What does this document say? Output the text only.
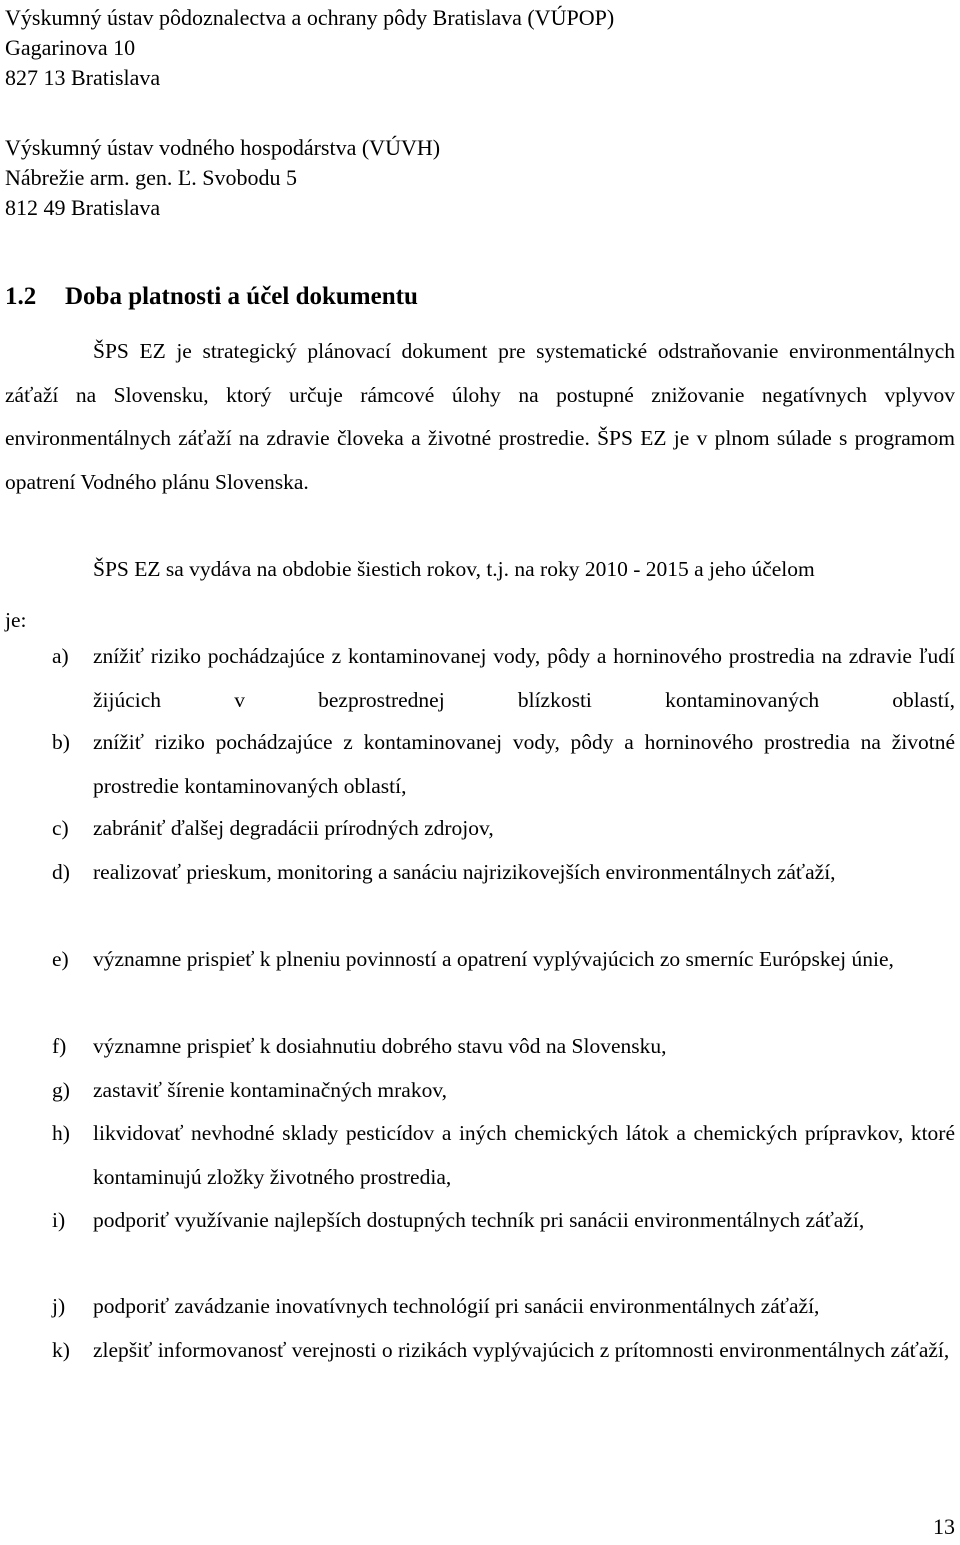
Výskumný ústav pôdoznalectva a ochrany pôdy Bratislava (VÚPOP)
Gagarinova 10
827 13 Bratislava
Výskumný ústav vodného hospodárstva (VÚVH)
Nábrežie arm. gen. Ľ. Svobodu 5
812 49 Bratislava
1.2 Doba platnosti a účel dokumentu

ŠPS EZ je strategický plánovací dokument pre systematické odstraňovanie environmentálnych záťaží na Slovensku, ktorý určuje rámcové úlohy na postupné znižovanie negatívnych vplyvov environmentálnych záťaží na zdravie človeka a životné prostredie. ŠPS EZ je v plnom súlade s programom opatrení Vodného plánu Slovenska.

ŠPS EZ sa vydáva na obdobie šiestich rokov, t.j. na roky 2010 - 2015 a jeho účelom
je:
a) znížiť riziko pochádzajúce z kontaminovanej vody, pôdy a horninového prostredia na zdravie ľudí žijúcich v bezprostrednej blízkosti kontaminovaných oblastí,

b) znížiť riziko pochádzajúce z kontaminovanej vody, pôdy a horninového prostredia na životné prostredie kontaminovaných oblastí,

c) zabrániť ďalšej degradácii prírodných zdrojov,

d) realizovať prieskum, monitoring a sanáciu najrizikovejších environmentálnych záťaží,

e) významne prispieť k plneniu povinností a opatrení vyplývajúcich zo smerníc Európskej únie,

f) významne prispieť k dosiahnutiu dobrého stavu vôd na Slovensku,

g) zastaviť šírenie kontaminačných mrakov,

h) likvidovať nevhodné sklady pesticídov a iných chemických látok a chemických prípravkov, ktoré kontaminujú zložky životného prostredia,

i) podporiť využívanie najlepších dostupných techník pri sanácii environmentálnych záťaží,

j) podporiť zavádzanie inovatívnych technológií pri sanácii environmentálnych záťaží,

k) zlepšiť informovanosť verejnosti o rizikách vyplývajúcich z prítomnosti environmentálnych záťaží,

13
